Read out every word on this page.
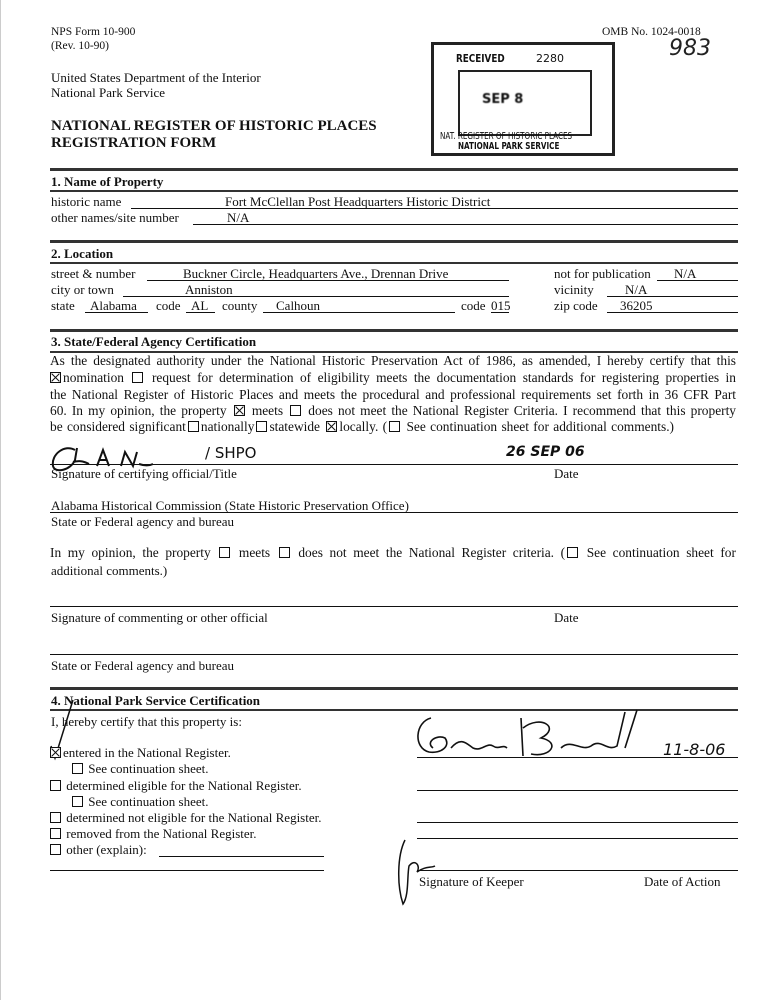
NPS Form 10-900
(Rev. 10-90)
OMB No. 1024-0018
983
United States Department of the Interior
National Park Service
NATIONAL REGISTER OF HISTORIC PLACES
REGISTRATION FORM
RECEIVED	2280
SEP 8
NAT. REGISTER OF HISTORIC PLACES
NATIONAL PARK SERVICE
1. Name of Property
historic name	Fort McClellan Post Headquarters Historic District
other names/site number	N/A
2. Location
street & number	Buckner Circle, Headquarters Ave., Drennan Drive	not for publication N/A
city or town	Anniston	vicinity N/A
state Alabama code AL county Calhoun	code 015	zip code 36205
3. State/Federal Agency Certification
As the designated authority under the National Historic Preservation Act of 1986, as amended, I hereby certify that this
nomination request for determination of eligibility meets the documentation standards for registering properties in
the National Register of Historic Places and meets the procedural and professional requirements set forth in 36 CFR Part
60. In my opinion, the property meets does not meet the National Register Criteria. I recommend that this property
be considered significant nationally statewide locally. ( See continuation sheet for additional comments.)
/ SHPO	26 SEP 06
Signature of certifying official/Title	Date
Alabama Historical Commission (State Historic Preservation Office)
State or Federal agency and bureau
In my opinion, the property meets does not meet the National Register criteria. ( See continuation sheet for
additional comments.)
Signature of commenting or other official	Date
State or Federal agency and bureau
4. National Park Service Certification
I, hereby certify that this property is:
entered in the National Register.
See continuation sheet.
determined eligible for the National Register.
See continuation sheet.
determined not eligible for the National Register.
removed from the National Register.
other (explain):
11-8-06
Signature of Keeper	Date of Action
